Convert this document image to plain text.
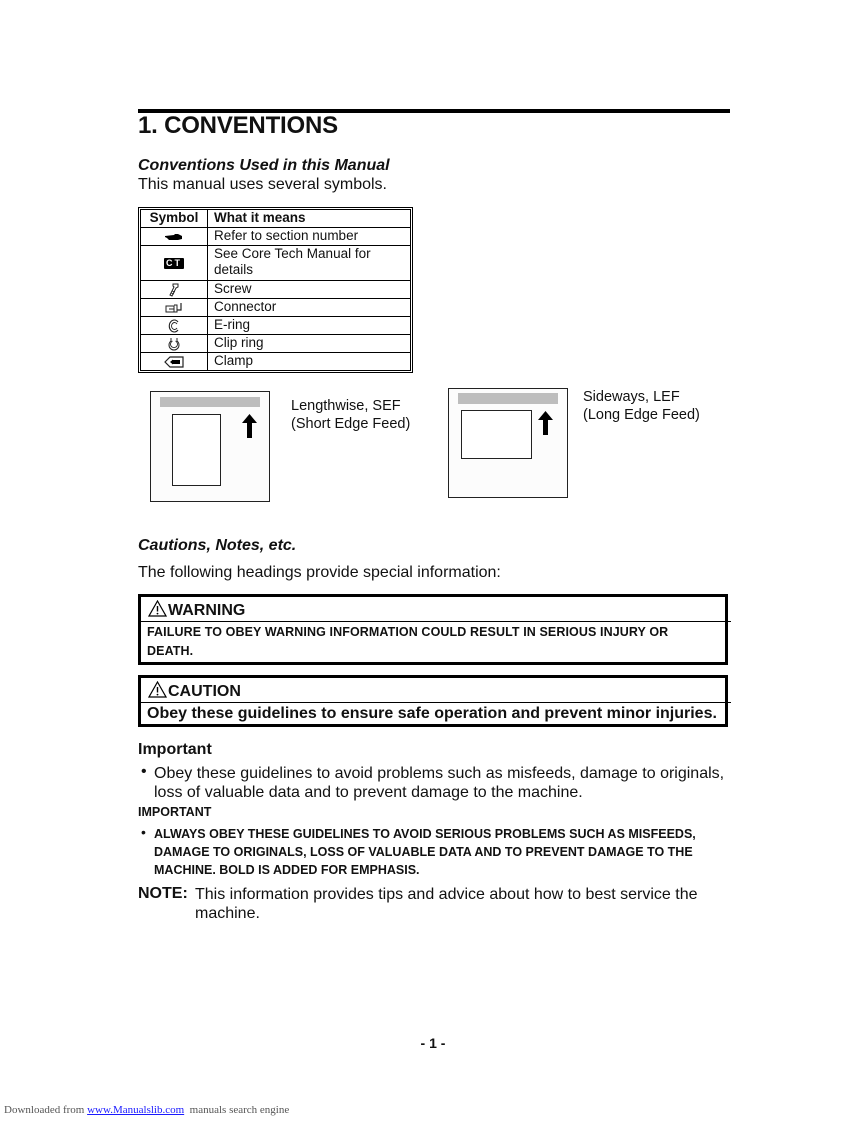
1. CONVENTIONS
Conventions Used in this Manual
This manual uses several symbols.
Symbol	What it means
	Refer to section number
CT	See Core Tech Manual for details
	Screw
	Connector
	E-ring
	Clip ring
	Clamp
Lengthwise, SEF
(Short Edge Feed)
Sideways, LEF
(Long Edge Feed)
Cautions, Notes, etc.
The following headings provide special information:
WARNING
FAILURE TO OBEY WARNING INFORMATION COULD RESULT IN SERIOUS INJURY OR
DEATH.
CAUTION
Obey these guidelines to ensure safe operation and prevent minor injuries.
Important
• Obey these guidelines to avoid problems such as misfeeds, damage to originals,
loss of valuable data and to prevent damage to the machine.
IMPORTANT
• ALWAYS OBEY THESE GUIDELINES TO AVOID SERIOUS PROBLEMS SUCH AS MISFEEDS,
DAMAGE TO ORIGINALS, LOSS OF VALUABLE DATA AND TO PREVENT DAMAGE TO THE
MACHINE. BOLD IS ADDED FOR EMPHASIS.
NOTE: This information provides tips and advice about how to best service the
machine.
- 1 -
Downloaded from www.Manualslib.com  manuals search engine
